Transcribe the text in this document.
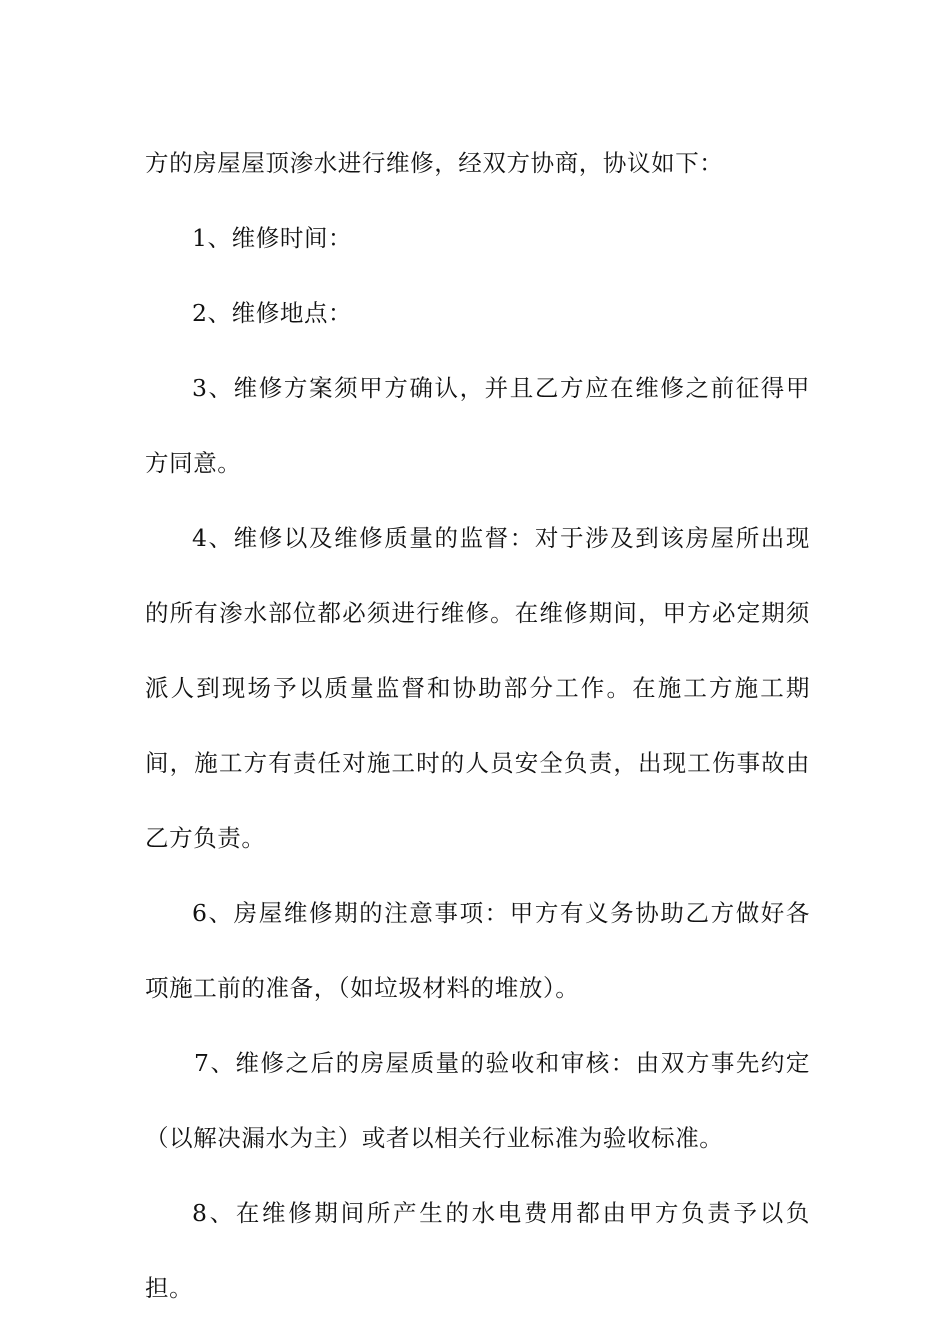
方的房屋屋顶渗水进行维修，经双方协商，协议如下：

1、维修时间：

2、维修地点：

3、维修方案须甲方确认，并且乙方应在维修之前征得甲方同意。

4、维修以及维修质量的监督：对于涉及到该房屋所出现的所有渗水部位都必须进行维修。在维修期间，甲方必定期须派人到现场予以质量监督和协助部分工作。在施工方施工期间，施工方有责任对施工时的人员安全负责，出现工伤事故由乙方负责。

6、房屋维修期的注意事项：甲方有义务协助乙方做好各项施工前的准备，（如垃圾材料的堆放）。

7、维修之后的房屋质量的验收和审核：由双方事先约定（以解决漏水为主）或者以相关行业标准为验收标准。

8、在维修期间所产生的水电费用都由甲方负责予以负担。
